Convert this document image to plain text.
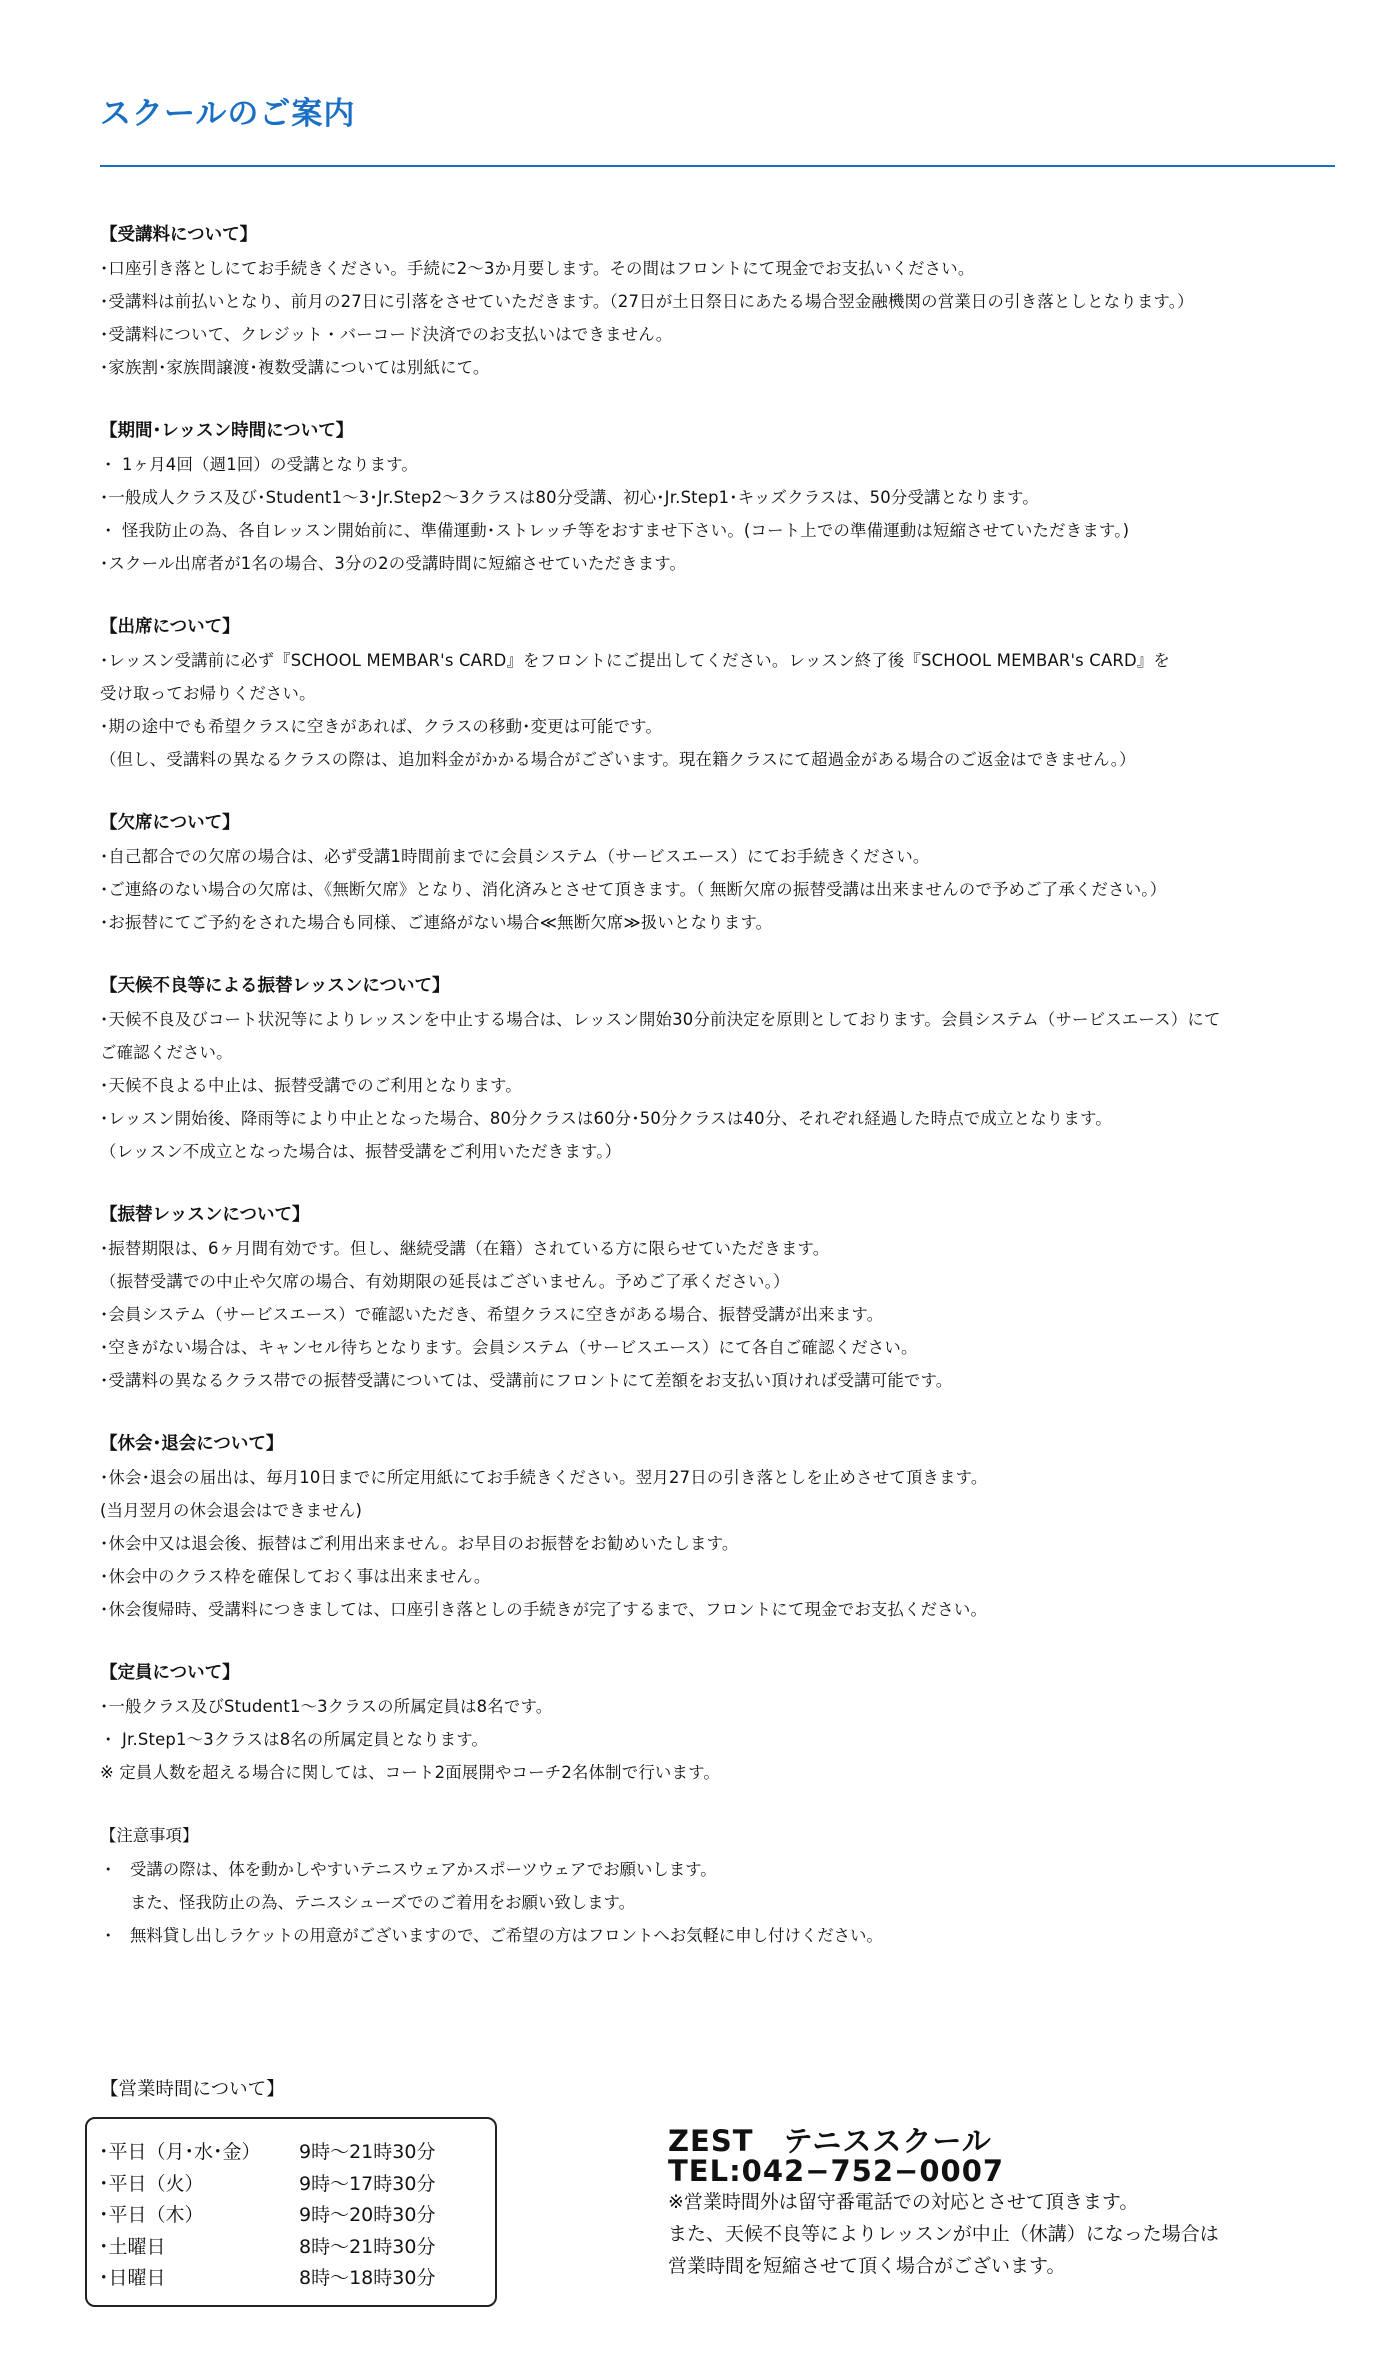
スクールのご案内

【受講料について】

･口座引き落としにてお手続きください。手続に2～3か月要します。その間はフロントにて現金でお支払いください。

･受講料は前払いとなり、前月の27日に引落をさせていただきます。（27日が土日祭日にあたる場合翌金融機関の営業日の引き落としとなります。）

･受講料について、クレジット・バーコード決済でのお支払いはできません。

･家族割･家族間譲渡･複数受講については別紙にて。

【期間･レッスン時間について】

・ 1ヶ月4回（週1回）の受講となります。

･一般成人クラス及び･Student1～3･Jr.Step2～3クラスは80分受講、初心･Jr.Step1･キッズクラスは、50分受講となります。

・ 怪我防止の為、各自レッスン開始前に、準備運動･ストレッチ等をおすませ下さい。(コート上での準備運動は短縮させていただきます。)

･スクール出席者が1名の場合、3分の2の受講時間に短縮させていただきます。

【出席について】

･レッスン受講前に必ず『SCHOOL MEMBAR's CARD』をフロントにご提出してください。レッスン終了後『SCHOOL MEMBAR's CARD』を

受け取ってお帰りください。

･期の途中でも希望クラスに空きがあれば、クラスの移動･変更は可能です。

（但し、受講料の異なるクラスの際は、追加料金がかかる場合がございます。現在籍クラスにて超過金がある場合のご返金はできません。）

【欠席について】

･自己都合での欠席の場合は、必ず受講1時間前までに会員システム（サービスエース）にてお手続きください。

･ご連絡のない場合の欠席は、《無断欠席》となり、消化済みとさせて頂きます。（ 無断欠席の振替受講は出来ませんので予めご了承ください。）

･お振替にてご予約をされた場合も同様、ご連絡がない場合≪無断欠席≫扱いとなります。

【天候不良等による振替レッスンについて】

･天候不良及びコート状況等によりレッスンを中止する場合は、レッスン開始30分前決定を原則としております。会員システム（サービスエース）にて

ご確認ください。

･天候不良よる中止は、振替受講でのご利用となります。

･レッスン開始後、降雨等により中止となった場合、80分クラスは60分･50分クラスは40分、それぞれ経過した時点で成立となります。

（レッスン不成立となった場合は、振替受講をご利用いただきます。）

【振替レッスンについて】

･振替期限は、6ヶ月間有効です。但し、継続受講（在籍）されている方に限らせていただきます。

（振替受講での中止や欠席の場合、有効期限の延長はございません。予めご了承ください。）

･会員システム（サービスエース）で確認いただき、希望クラスに空きがある場合、振替受講が出来ます。

･空きがない場合は、キャンセル待ちとなります。会員システム（サービスエース）にて各自ご確認ください。

･受講料の異なるクラス帯での振替受講については、受講前にフロントにて差額をお支払い頂ければ受講可能です。

【休会･退会について】

･休会･退会の届出は、毎月10日までに所定用紙にてお手続きください。翌月27日の引き落としを止めさせて頂きます。

(当月翌月の休会退会はできません)

･休会中又は退会後、振替はご利用出来ません。お早目のお振替をお勧めいたします。

･休会中のクラス枠を確保しておく事は出来ません。

･休会復帰時、受講料につきましては、口座引き落としの手続きが完了するまで、フロントにて現金でお支払ください。

【定員について】

･一般クラス及びStudent1～3クラスの所属定員は8名です。

・ Jr.Step1～3クラスは8名の所属定員となります。

※ 定員人数を超える場合に関しては、コート2面展開やコーチ2名体制で行います。

【注意事項】

・ 受講の際は、体を動かしやすいテニスウェアかスポーツウェアでお願いします。
また、怪我防止の為、テニスシューズでのご着用をお願い致します。
・ 無料貸し出しラケットの用意がございますので、ご希望の方はフロントへお気軽に申し付けください。

【営業時間について】

･平日（月･水･金）	9時～21時30分
･平日（火）	9時～17時30分
･平日（木）	9時～20時30分
･土曜日	8時～21時30分
･日曜日	8時～18時30分

ZEST　テニススクール

TEL:042−752−0007

※営業時間外は留守番電話での対応とさせて頂きます。

また、天候不良等によりレッスンが中止（休講）になった場合は

営業時間を短縮させて頂く場合がございます。
